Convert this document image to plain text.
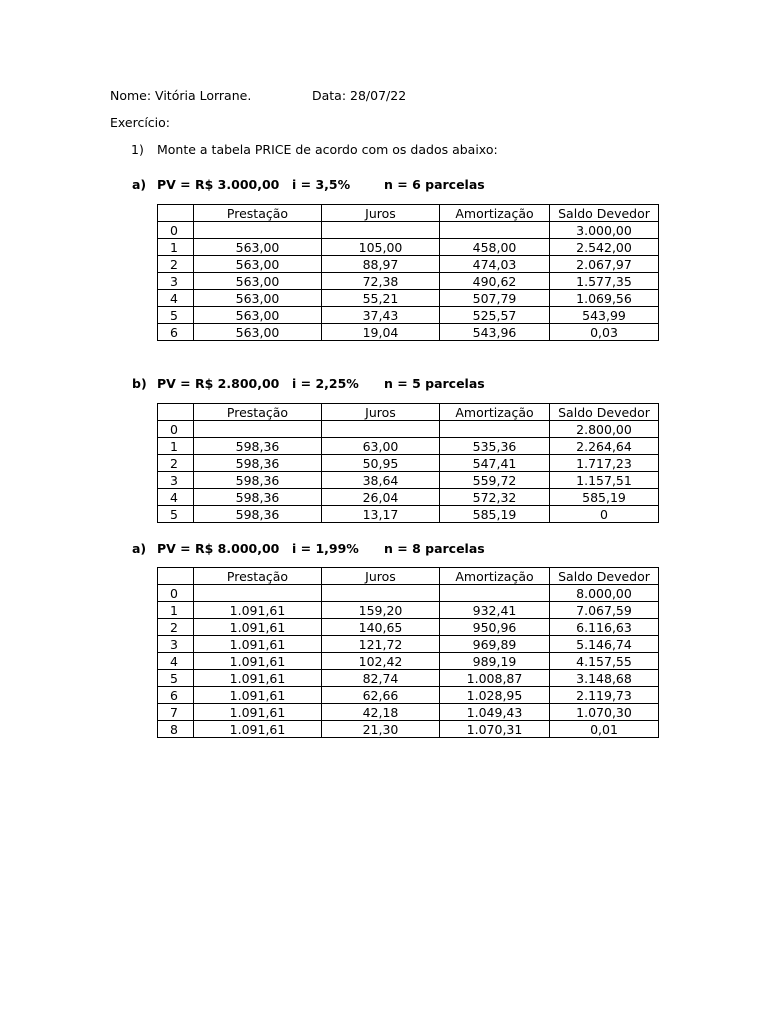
Nome: Vitória Lorrane.	Data: 28/07/22
Exercício:
1) Monte a tabela PRICE de acordo com os dados abaixo:
a) PV = R$ 3.000,00 i = 3,5%	n = 6 parcelas
	Prestação	Juros	Amortização	Saldo Devedor
0				3.000,00
1	563,00	105,00	458,00	2.542,00
2	563,00	88,97	474,03	2.067,97
3	563,00	72,38	490,62	1.577,35
4	563,00	55,21	507,79	1.069,56
5	563,00	37,43	525,57	543,99
6	563,00	19,04	543,96	0,03
b) PV = R$ 2.800,00 i = 2,25% n = 5 parcelas
	Prestação	Juros	Amortização	Saldo Devedor
0				2.800,00
1	598,36	63,00	535,36	2.264,64
2	598,36	50,95	547,41	1.717,23
3	598,36	38,64	559,72	1.157,51
4	598,36	26,04	572,32	585,19
5	598,36	13,17	585,19	0
a) PV = R$ 8.000,00 i = 1,99% n = 8 parcelas
	Prestação	Juros	Amortização	Saldo Devedor
0				8.000,00
1	1.091,61	159,20	932,41	7.067,59
2	1.091,61	140,65	950,96	6.116,63
3	1.091,61	121,72	969,89	5.146,74
4	1.091,61	102,42	989,19	4.157,55
5	1.091,61	82,74	1.008,87	3.148,68
6	1.091,61	62,66	1.028,95	2.119,73
7	1.091,61	42,18	1.049,43	1.070,30
8	1.091,61	21,30	1.070,31	0,01
